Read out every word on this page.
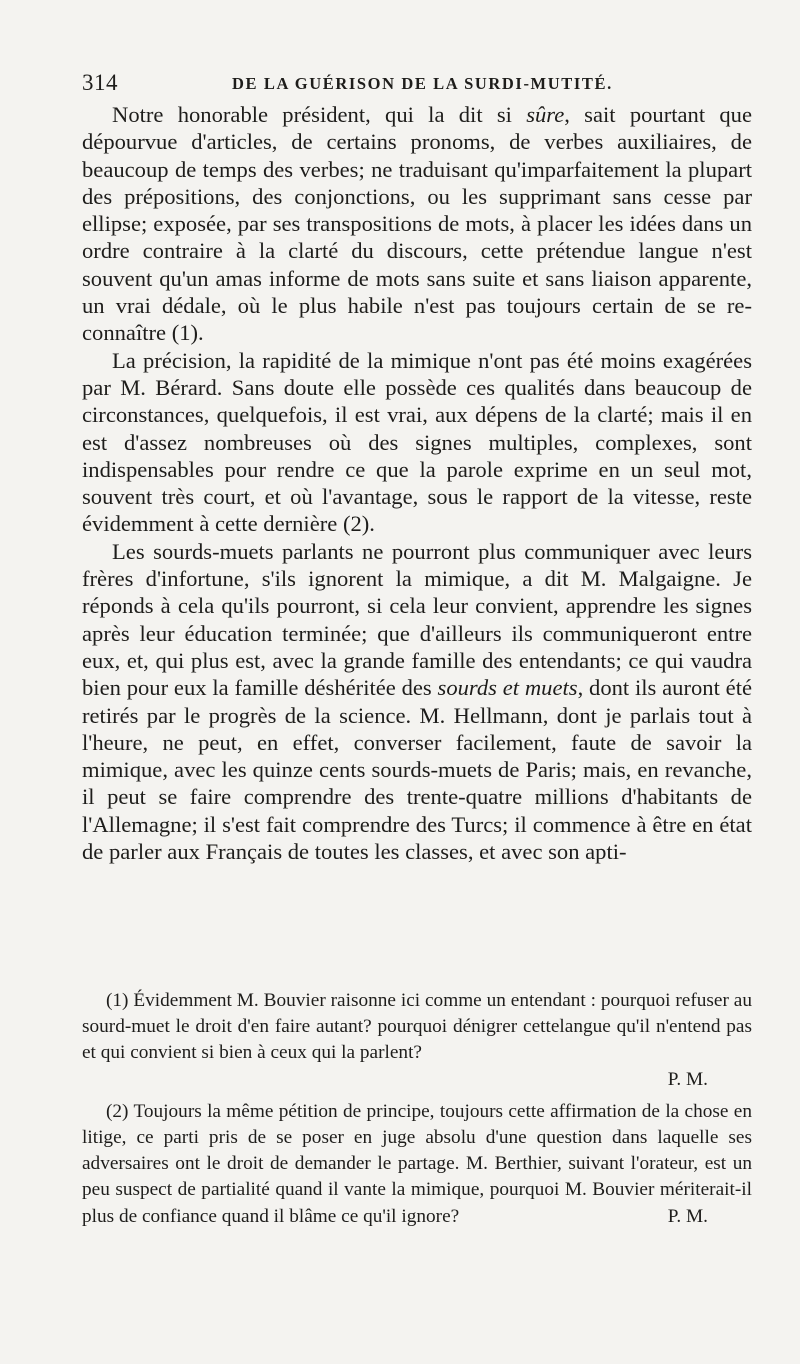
314	DE LA GUÉRISON DE LA SURDI-MUTITÉ.

Notre honorable président, qui la dit si sûre, sait pourtant que dépourvue d'articles, de certains pronoms, de verbes auxiliaires, de beaucoup de temps des verbes; ne traduisant qu'imparfaitement la plupart des prépositions, des conjonctions, ou les supprimant sans cesse par ellipse; exposée, par ses transpositions de mots, à placer les idées dans un ordre contraire à la clarté du discours, cette prétendue langue n'est souvent qu'un amas informe de mots sans suite et sans liaison apparente, un vrai dédale, où le plus habile n'est pas toujours certain de se reconnaître (1).

La précision, la rapidité de la mimique n'ont pas été moins exagérées par M. Bérard. Sans doute elle possède ces qualités dans beaucoup de circonstances, quelquefois, il est vrai, aux dépens de la clarté; mais il en est d'assez nombreuses où des signes multiples, complexes, sont indispensables pour rendre ce que la parole exprime en un seul mot, souvent très court, et où l'avantage, sous le rapport de la vitesse, reste évidemment à cette dernière (2).

Les sourds-muets parlants ne pourront plus communiquer avec leurs frères d'infortune, s'ils ignorent la mimique, a dit M. Malgaigne. Je réponds à cela qu'ils pourront, si cela leur convient, apprendre les signes après leur éducation terminée; que d'ailleurs ils communiqueront entre eux, et, qui plus est, avec la grande famille des entendants; ce qui vaudra bien pour eux la famille déshéritée des sourds et muets, dont ils auront été retirés par le progrès de la science. M. Hellmann, dont je parlais tout à l'heure, ne peut, en effet, converser facilement, faute de savoir la mimique, avec les quinze cents sourds-muets de Paris; mais, en revanche, il peut se faire comprendre des trente-quatre millions d'habitants de l'Allemagne; il s'est fait comprendre des Turcs; il commence à être en état de parler aux Français de toutes les classes, et avec son apti-

(1) Évidemment M. Bouvier raisonne ici comme un entendant : pourquoi refuser au sourd-muet le droit d'en faire autant? pourquoi dénigrer cettelangue qu'il n'entend pas et qui convient si bien à ceux qui la parlent?
P. M.

(2) Toujours la même pétition de principe, toujours cette affirmation de la chose en litige, ce parti pris de se poser en juge absolu d'une question dans laquelle ses adversaires ont le droit de demander le partage. M. Berthier, suivant l'orateur, est un peu suspect de partialité quand il vante la mimique, pourquoi M. Bouvier mériterait-il plus de confiance quand il blâme ce qu'il ignore?	P. M.
